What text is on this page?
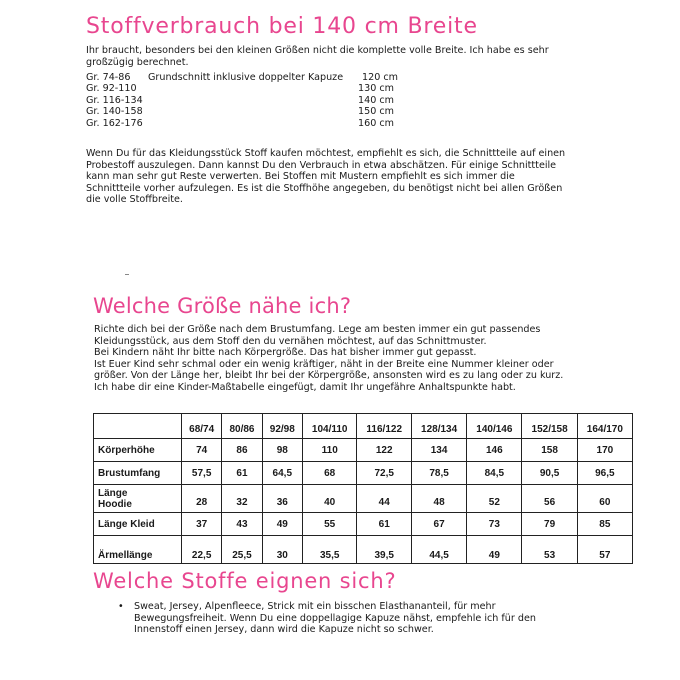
Stoffverbrauch bei 140 cm Breite
Ihr braucht, besonders bei den kleinen Größen nicht die komplette volle Breite. Ich habe es sehr
großzügig berechnet.
Gr. 74-86 Grundschnitt inklusive doppelter Kapuze 120 cm
Gr. 92-110	130 cm
Gr. 116-134	140 cm
Gr. 140-158	150 cm
Gr. 162-176	160 cm
Wenn Du für das Kleidungsstück Stoff kaufen möchtest, empfiehlt es sich, die Schnittteile auf einen
Probestoff auszulegen. Dann kannst Du den Verbrauch in etwa abschätzen. Für einige Schnittteile
kann man sehr gut Reste verwerten. Bei Stoffen mit Mustern empfiehlt es sich immer die
Schnittteile vorher aufzulegen. Es ist die Stoffhöhe angegeben, du benötigst nicht bei allen Größen
die volle Stoffbreite.
Welche Größe nähe ich?
Richte dich bei der Größe nach dem Brustumfang. Lege am besten immer ein gut passendes
Kleidungsstück, aus dem Stoff den du vernähen möchtest, auf das Schnittmuster.
Bei Kindern näht Ihr bitte nach Körpergröße. Das hat bisher immer gut gepasst.
Ist Euer Kind sehr schmal oder ein wenig kräftiger, näht in der Breite eine Nummer kleiner oder
größer. Von der Länge her, bleibt Ihr bei der Körpergröße, ansonsten wird es zu lang oder zu kurz.
Ich habe dir eine Kinder-Maßtabelle eingefügt, damit Ihr ungefähre Anhaltspunkte habt.
	68/74	80/86	92/98	104/110	116/122	128/134	140/146	152/158	164/170
Körperhöhe	74	86	98	110	122	134	146	158	170
Brustumfang	57,5	61	64,5	68	72,5	78,5	84,5	90,5	96,5

Länge
Hoodie	28	32	36	40	44	48	52	56	60
Länge Kleid	37	43	49	55	61	67	73	79	85
Ärmellänge	22,5	25,5	30	35,5	39,5	44,5	49	53	57
Welche Stoffe eignen sich?
• Sweat, Jersey, Alpenfleece, Strick mit ein bisschen Elasthananteil, für mehr
Bewegungsfreiheit. Wenn Du eine doppellagige Kapuze nähst, empfehle ich für den
Innenstoff einen Jersey, dann wird die Kapuze nicht so schwer.
